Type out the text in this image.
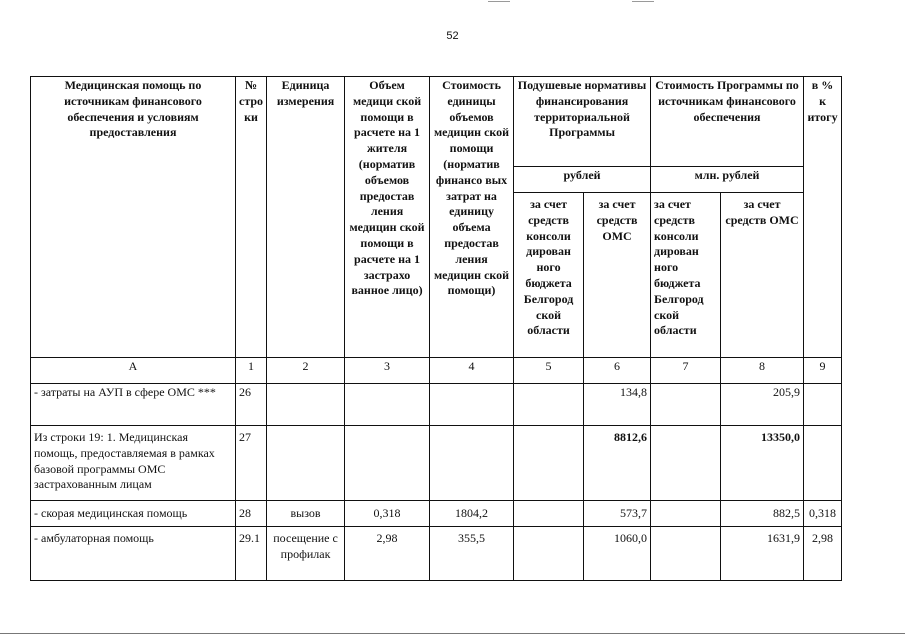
52
Медицинская помощь по источникам финансового обеспечения и условиям предоставления	№ стро ки	Единица измерения	Объем медици ской помощи в расчете на 1 жителя (норматив объемов предостав ления медицин ской помощи в расчете на 1 застрахо ванное лицо)	Стоимость единицы объемов медицин ской помощи (норматив финансо вых затрат на единицу объема предостав ления медицин ской помощи)	Подушевые нормативы финансирования территориальной Программы		Стоимость Программы по источникам финансового обеспечения		в % к итогу
					рублей		млн. рублей		
					за счет средств консоли дирован ного бюджета Белгород ской области	за счет средств ОМС	за счет средств консоли дирован ного бюджета Белгород ской области	за счет средств ОМС	
А	1	2	3	4	5	6	7	8	9
- затраты на АУП в сфере ОМС ***	26					134,8		205,9	
Из строки 19: 1. Медицинская помощь, предоставляемая в рамках базовой программы ОМС застрахованным лицам	27					8812,6		13350,0	
- скорая медицинская помощь	28	вызов	0,318	1804,2		573,7		882,5	0,318
- амбулаторная помощь	29.1	посещение с профилак	2,98	355,5		1060,0		1631,9	2,98
